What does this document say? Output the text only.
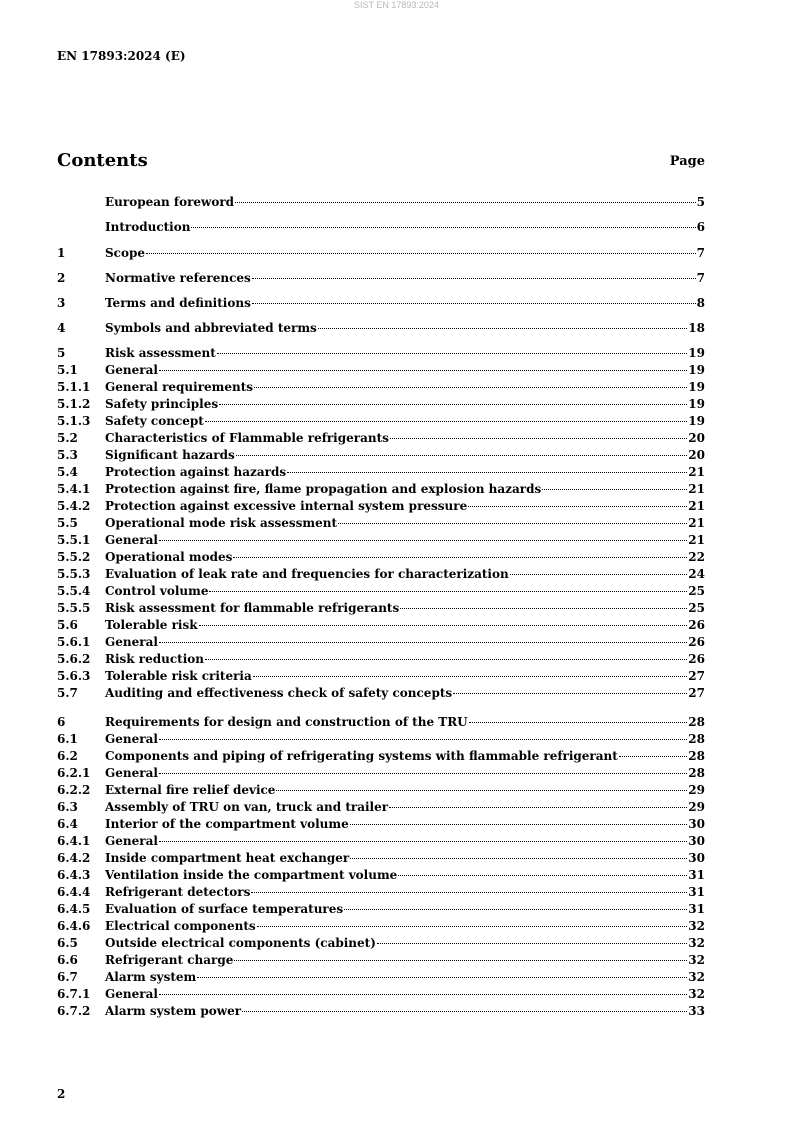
SIST EN 17893:2024
EN 17893:2024 (E)
Contents	Page
European foreword	5
Introduction	6
1	Scope	7
2	Normative references	7
3	Terms and definitions	8
4	Symbols and abbreviated terms	18
5	Risk assessment	19
5.1	General	19
5.1.1	General requirements	19
5.1.2	Safety principles	19
5.1.3	Safety concept	19
5.2	Characteristics of Flammable refrigerants	20
5.3	Significant hazards	20
5.4	Protection against hazards	21
5.4.1	Protection against fire, flame propagation and explosion hazards	21
5.4.2	Protection against excessive internal system pressure	21
5.5	Operational mode risk assessment	21
5.5.1	General	21
5.5.2	Operational modes	22
5.5.3	Evaluation of leak rate and frequencies for characterization	24
5.5.4	Control volume	25
5.5.5	Risk assessment for flammable refrigerants	25
5.6	Tolerable risk	26
5.6.1	General	26
5.6.2	Risk reduction	26
5.6.3	Tolerable risk criteria	27
5.7	Auditing and effectiveness check of safety concepts	27
6	Requirements for design and construction of the TRU	28
6.1	General	28
6.2	Components and piping of refrigerating systems with flammable refrigerant	28
6.2.1	General	28
6.2.2	External fire relief device	29
6.3	Assembly of TRU on van, truck and trailer	29
6.4	Interior of the compartment volume	30
6.4.1	General	30
6.4.2	Inside compartment heat exchanger	30
6.4.3	Ventilation inside the compartment volume	31
6.4.4	Refrigerant detectors	31
6.4.5	Evaluation of surface temperatures	31
6.4.6	Electrical components	32
6.5	Outside electrical components (cabinet)	32
6.6	Refrigerant charge	32
6.7	Alarm system	32
6.7.1	General	32
6.7.2	Alarm system power	33
2
